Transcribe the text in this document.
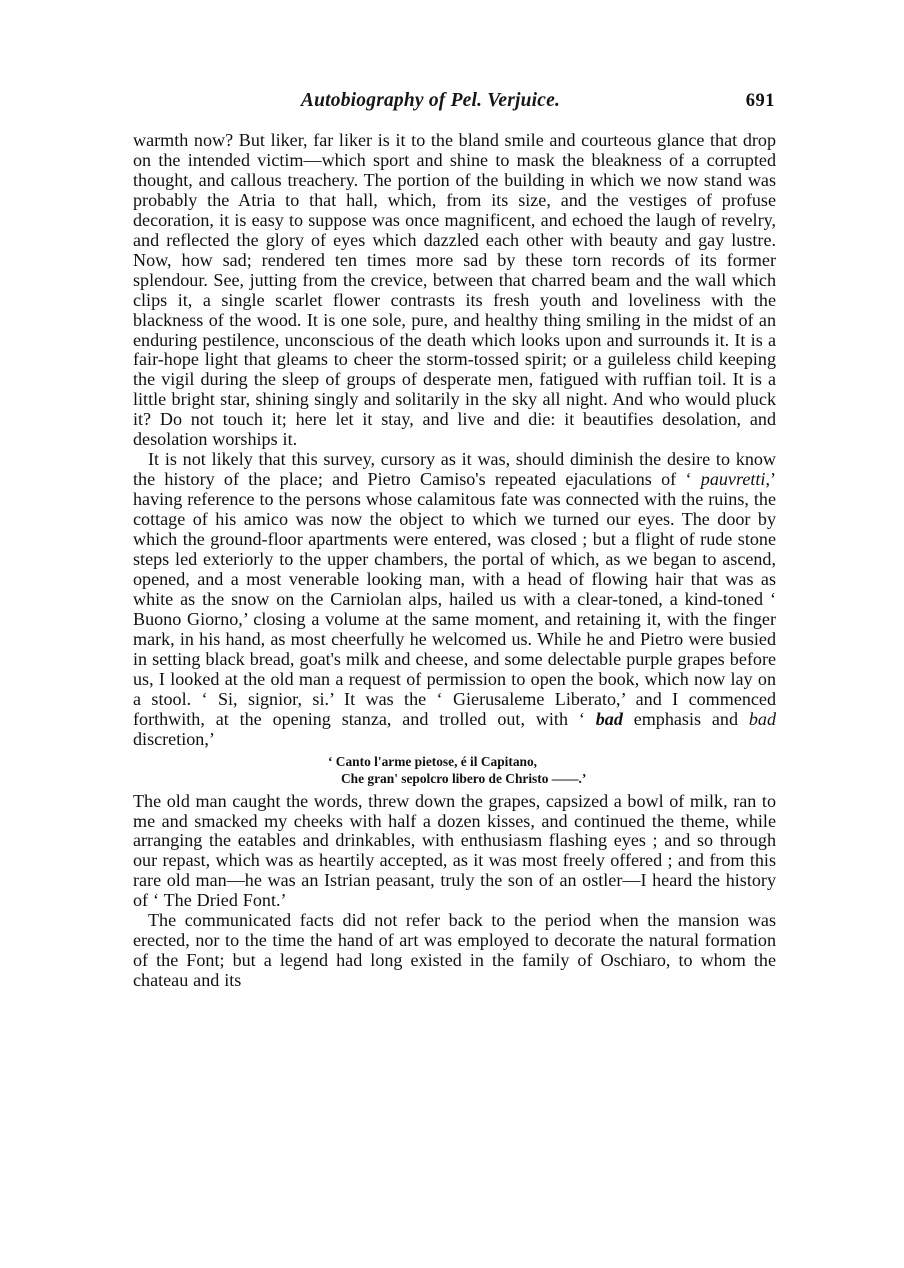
Autobiography of Pel. Verjuice.	691

warmth now? But liker, far liker is it to the bland smile and courteous glance that drop on the intended victim—which sport and shine to mask the bleakness of a corrupted thought, and callous treachery. The portion of the building in which we now stand was probably the Atria to that hall, which, from its size, and the vestiges of profuse decoration, it is easy to suppose was once magnificent, and echoed the laugh of revelry, and reflected the glory of eyes which dazzled each other with beauty and gay lustre. Now, how sad; rendered ten times more sad by these torn records of its former splendour. See, jutting from the crevice, between that charred beam and the wall which clips it, a single scarlet flower contrasts its fresh youth and loveliness with the blackness of the wood. It is one sole, pure, and healthy thing smiling in the midst of an enduring pestilence, unconscious of the death which looks upon and surrounds it. It is a fair-hope light that gleams to cheer the storm-tossed spirit; or a guileless child keeping the vigil during the sleep of groups of desperate men, fatigued with ruffian toil. It is a little bright star, shining singly and solitarily in the sky all night. And who would pluck it? Do not touch it; here let it stay, and live and die: it beautifies desolation, and desolation worships it.

It is not likely that this survey, cursory as it was, should diminish the desire to know the history of the place; and Pietro Camiso's repeated ejaculations of ‘ pauvretti,’ having reference to the persons whose calamitous fate was connected with the ruins, the cottage of his amico was now the object to which we turned our eyes. The door by which the ground-floor apartments were entered, was closed ; but a flight of rude stone steps led exteriorly to the upper chambers, the portal of which, as we began to ascend, opened, and a most venerable looking man, with a head of flowing hair that was as white as the snow on the Carniolan alps, hailed us with a clear-toned, a kind-toned ‘ Buono Giorno,’ closing a volume at the same moment, and retaining it, with the finger mark, in his hand, as most cheerfully he welcomed us. While he and Pietro were busied in setting black bread, goat's milk and cheese, and some delectable purple grapes before us, I looked at the old man a request of permission to open the book, which now lay on a stool. ‘ Si, signior, si.’ It was the ‘ Gierusaleme Liberato,’ and I commenced forthwith, at the opening stanza, and trolled out, with ‘ bad emphasis and bad discretion,’

‘ Canto l'arme pietose, é il Capitano,
Che gran' sepolcro libero de Christo ——.’

The old man caught the words, threw down the grapes, capsized a bowl of milk, ran to me and smacked my cheeks with half a dozen kisses, and continued the theme, while arranging the eatables and drinkables, with enthusiasm flashing eyes ; and so through our repast, which was as heartily accepted, as it was most freely offered ; and from this rare old man—he was an Istrian peasant, truly the son of an ostler—I heard the history of ‘ The Dried Font.’

The communicated facts did not refer back to the period when the mansion was erected, nor to the time the hand of art was employed to decorate the natural formation of the Font; but a legend had long existed in the family of Oschiaro, to whom the chateau and its
